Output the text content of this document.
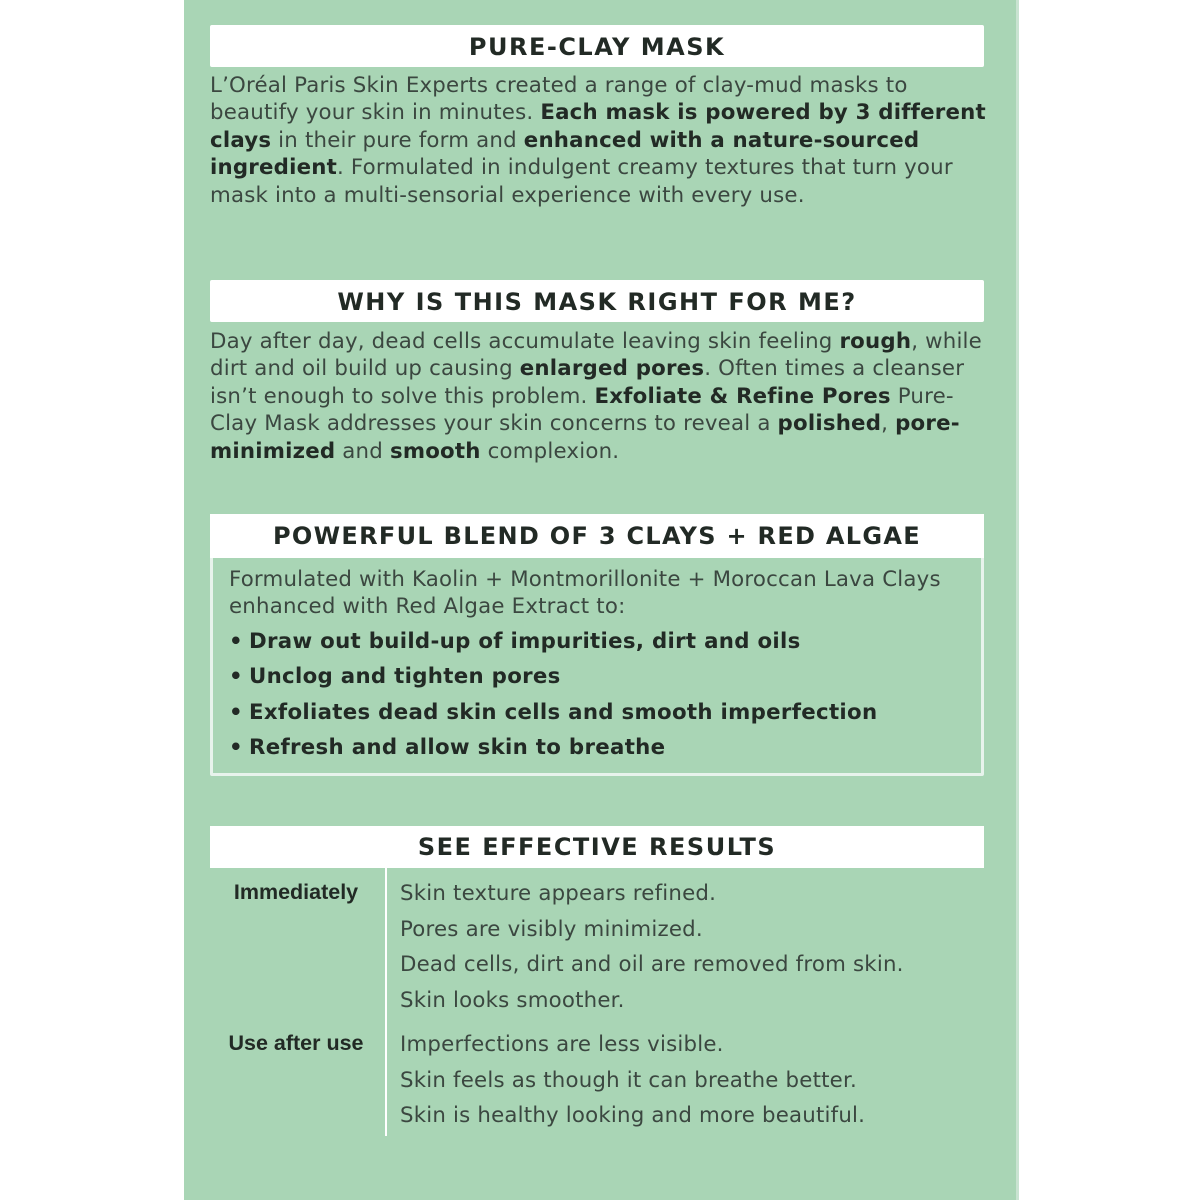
PURE-CLAY MASK

L’Oréal Paris Skin Experts created a range of clay-mud masks to beautify your skin in minutes. Each mask is powered by 3 different clays in their pure form and enhanced with a nature-sourced ingredient. Formulated in indulgent creamy textures that turn your mask into a multi-sensorial experience with every use.

WHY IS THIS MASK RIGHT FOR ME?

Day after day, dead cells accumulate leaving skin feeling rough, while dirt and oil build up causing enlarged pores. Often times a cleanser isn’t enough to solve this problem. Exfoliate & Refine Pores Pure-Clay Mask addresses your skin concerns to reveal a polished, pore-minimized and smooth complexion.

POWERFUL BLEND OF 3 CLAYS + RED ALGAE

Formulated with Kaolin + Montmorillonite + Moroccan Lava Clays enhanced with Red Algae Extract to:

• Draw out build-up of impurities, dirt and oils
• Unclog and tighten pores
• Exfoliates dead skin cells and smooth imperfection
• Refresh and allow skin to breathe
SEE EFFECTIVE RESULTS
Immediately	Skin texture appears refined.
Pores are visibly minimized.
Dead cells, dirt and oil are removed from skin.
Skin looks smoother.
Use after use	Imperfections are less visible.
Skin feels as though it can breathe better.
Skin is healthy looking and more beautiful.
